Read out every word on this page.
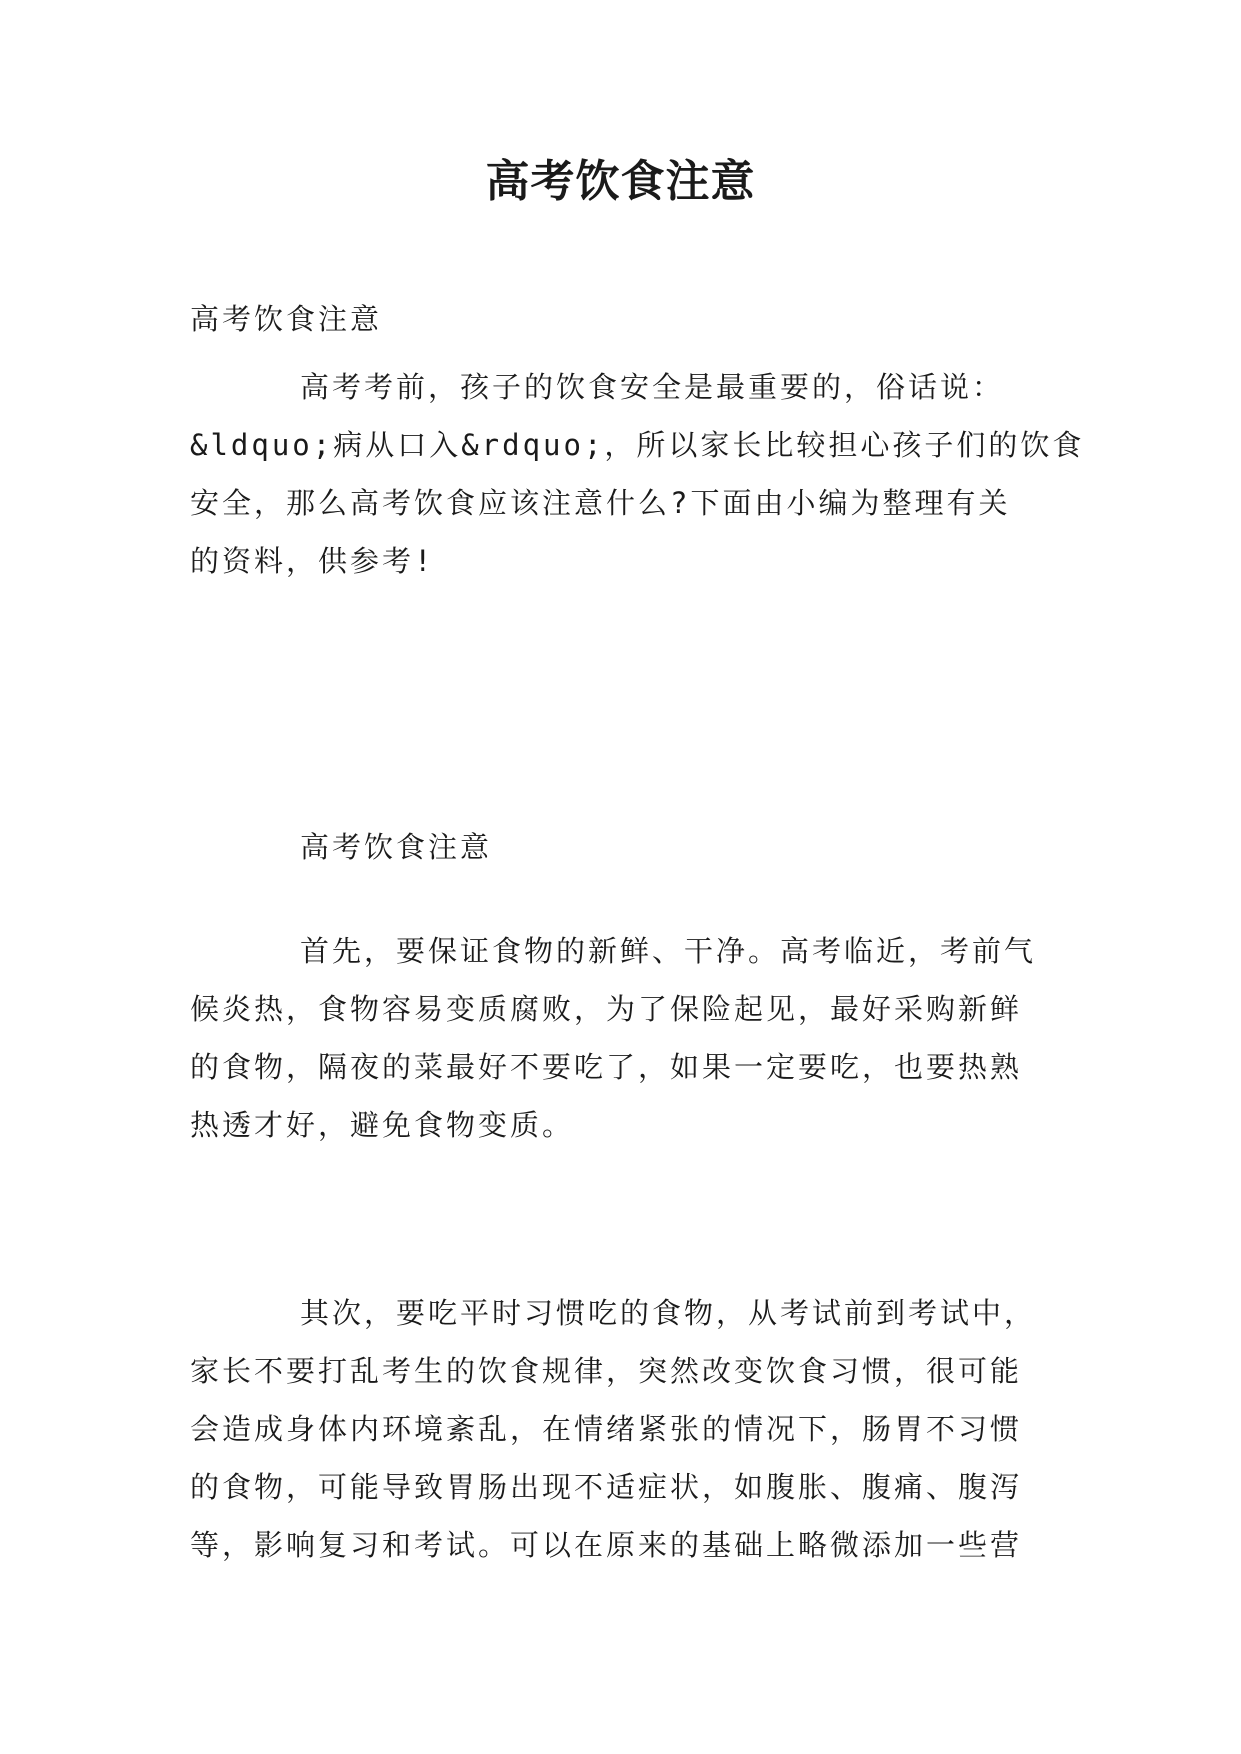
高考饮食注意
高考饮食注意
高考考前，孩子的饮食安全是最重要的，俗话说：
&ldquo;病从口入&rdquo;，所以家长比较担心孩子们的饮食
安全，那么高考饮食应该注意什么?下面由小编为整理有关
的资料，供参考!
高考饮食注意
首先，要保证食物的新鲜、干净。高考临近，考前气
候炎热，食物容易变质腐败，为了保险起见，最好采购新鲜
的食物，隔夜的菜最好不要吃了，如果一定要吃，也要热熟
热透才好，避免食物变质。
其次，要吃平时习惯吃的食物，从考试前到考试中，
家长不要打乱考生的饮食规律，突然改变饮食习惯，很可能
会造成身体内环境紊乱，在情绪紧张的情况下，肠胃不习惯
的食物，可能导致胃肠出现不适症状，如腹胀、腹痛、腹泻
等，影响复习和考试。可以在原来的基础上略微添加一些营
